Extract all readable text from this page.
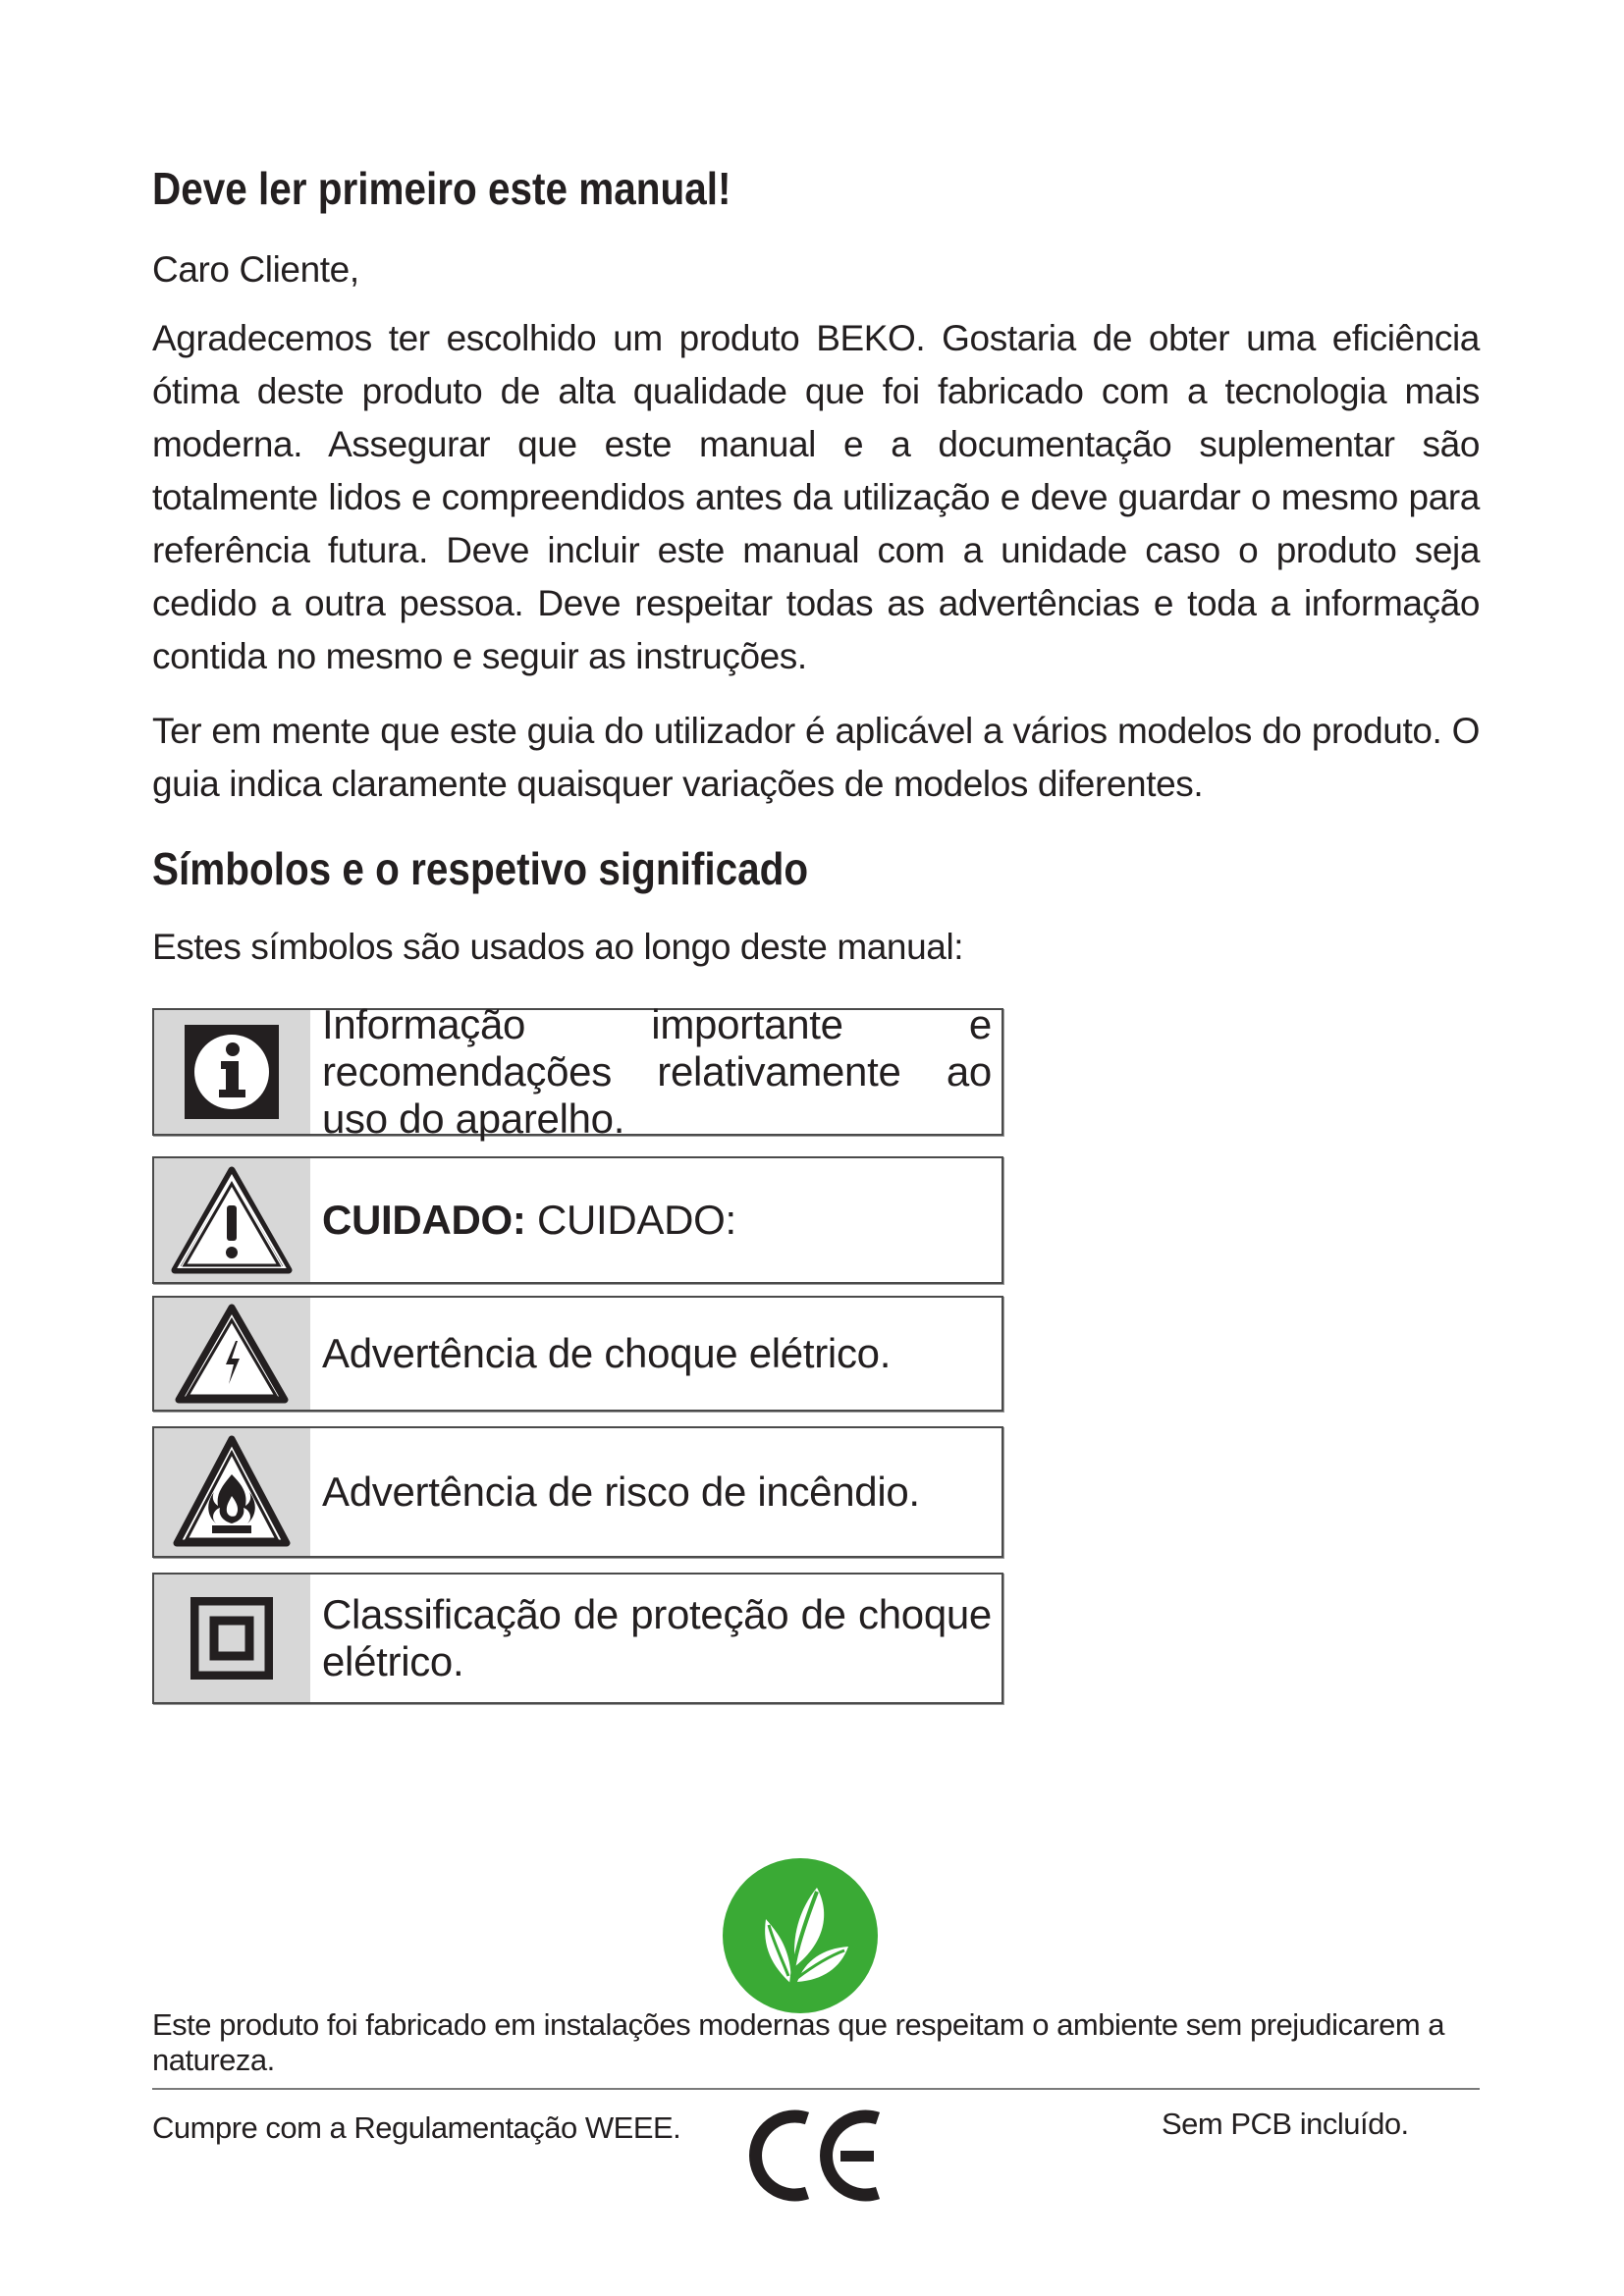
Deve ler primeiro este manual!

Caro Cliente,

Agradecemos ter escolhido um produto BEKO. Gostaria de obter uma eficiência ótima deste produto de alta qualidade que foi fabricado com a tecnologia mais moderna. Assegurar que este manual e a documentação suplementar são totalmente lidos e compreendidos antes da utilização e deve guardar o mesmo para referência futura. Deve incluir este manual com a unidade caso o produto seja cedido a outra pessoa. Deve respeitar todas as advertências e toda a informação contida no mesmo e seguir as instruções.

Ter em mente que este guia do utilizador é aplicável a vários modelos do produto. O guia indica claramente quaisquer variações de modelos diferentes.

Símbolos e o respetivo significado

Estes símbolos são usados ao longo deste manual:

Informação importante e recomendações relativamente ao uso do aparelho.
CUIDADO:
CUIDADO:
Advertência de choque elétrico.
Advertência de risco de incêndio.
Classificação de proteção de choque elétrico.

Este produto foi fabricado em instalações modernas que respeitam o ambiente sem prejudicarem a natureza.

Cumpre com a Regulamentação WEEE.	Sem PCB incluído.
